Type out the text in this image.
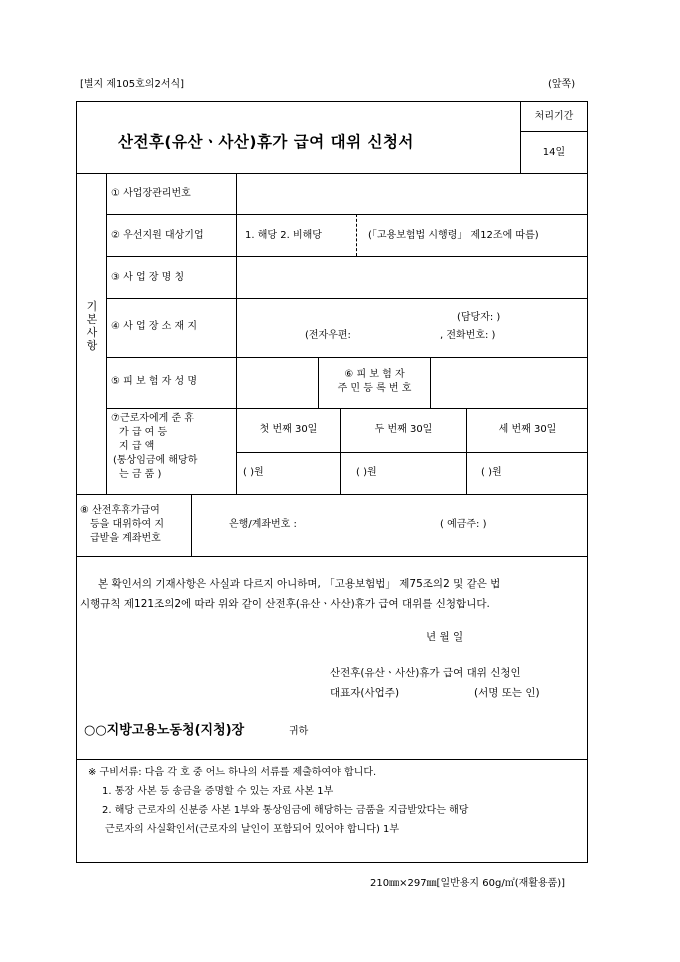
[별지 제105호의2서식]	(앞쪽)
산전후(유산ㆍ사산)휴가 급여 대위 신청서
처리기간
14일
기 본 사 항
① 사업장관리번호
② 우선지원 대상기업	1. 해당 2. 비해당	(「고용보험법 시행령」 제12조에 따름)
③ 사 업 장 명 칭
④ 사 업 장 소 재 지
(담당자: )
(전자우편:	, 전화번호: )
⑤ 피 보 험 자 성 명
⑥ 피 보 험 자
주 민 등 록 번 호
⑦근로자에게 준 휴
가 급 여 등
지 급 액
(통상임금에 해당하
는 금 품 )
첫 번째 30일	두 번째 30일	세 번째 30일
( )원	( )원	( )원
⑧ 산전후휴가급여
등을 대위하여 지
급받을 계좌번호
은행/계좌번호 :	( 예금주: )
본 확인서의 기재사항은 사실과 다르지 아니하며, 「고용보험법」 제75조의2 및 같은 법
시행규칙 제121조의2에 따라 위와 같이 산전후(유산ㆍ사산)휴가 급여 대위를 신청합니다.
년 월 일
산전후(유산ㆍ사산)휴가 급여 대위 신청인
대표자(사업주)	(서명 또는 인)
○○지방고용노동청(지청)장	귀하
※ 구비서류: 다음 각 호 중 어느 하나의 서류를 제출하여야 합니다.
1. 통장 사본 등 송금을 증명할 수 있는 자료 사본 1부
2. 해당 근로자의 신분증 사본 1부와 통상임금에 해당하는 금품을 지급받았다는 해당
근로자의 사실확인서(근로자의 날인이 포함되어 있어야 합니다) 1부
210㎜×297㎜[일반용지 60g/㎡(재활용품)]
